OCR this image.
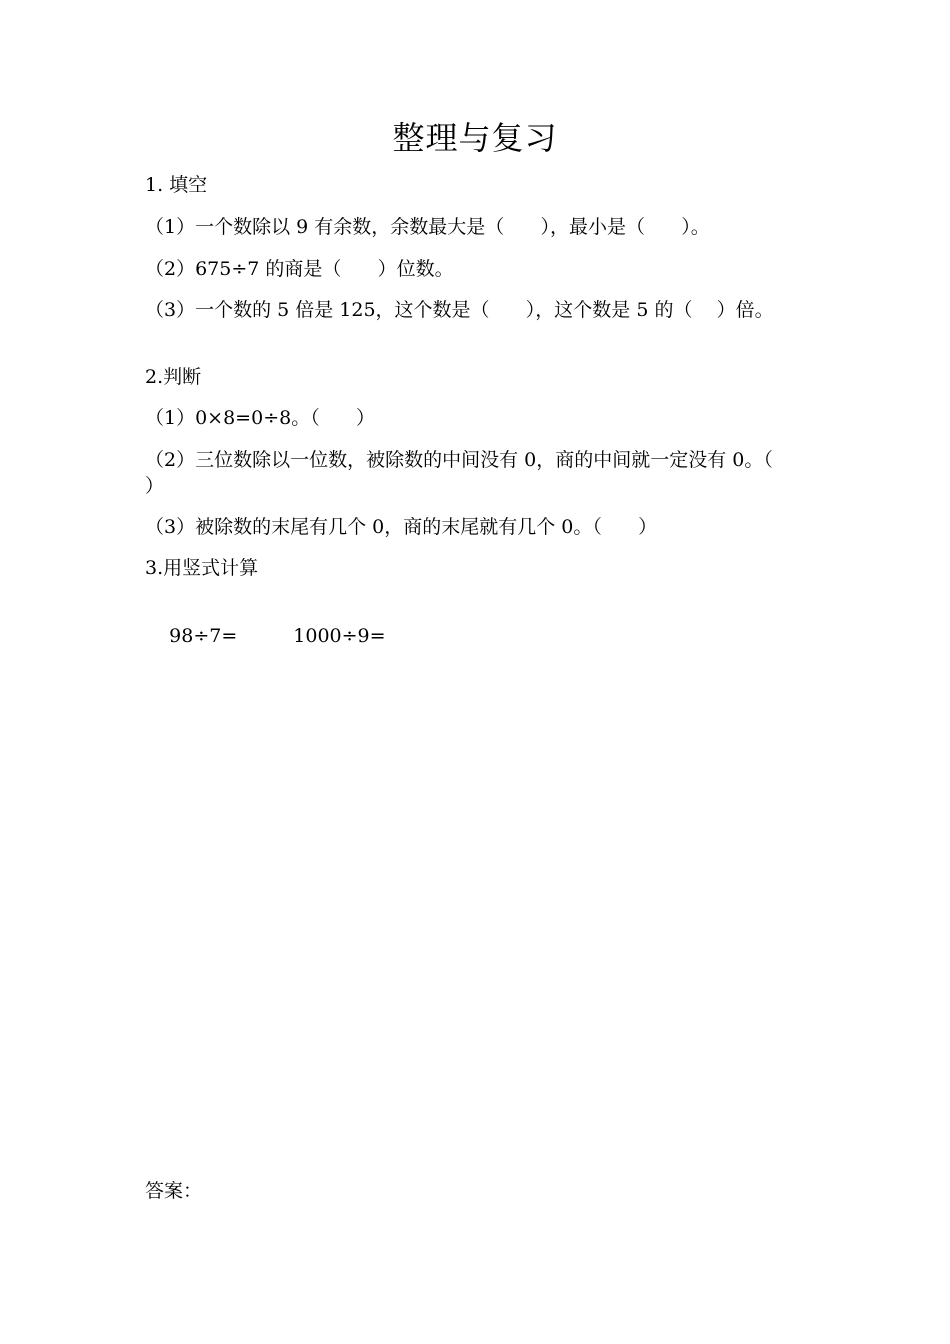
整理与复习
1. 填空
（1）一个数除以 9 有余数，余数最大是（      ），最小是（      ）。
（2）675÷7 的商是（      ）位数。
（3）一个数的 5 倍是 125，这个数是（      ），这个数是 5 的（    ）倍。
2.判断
（1）0×8=0÷8。（      ）
（2）三位数除以一位数，被除数的中间没有 0，商的中间就一定没有 0。（      ）
（3）被除数的末尾有几个 0，商的末尾就有几个 0。（      ）
3.用竖式计算

98÷7=	1000÷9=

答案：
